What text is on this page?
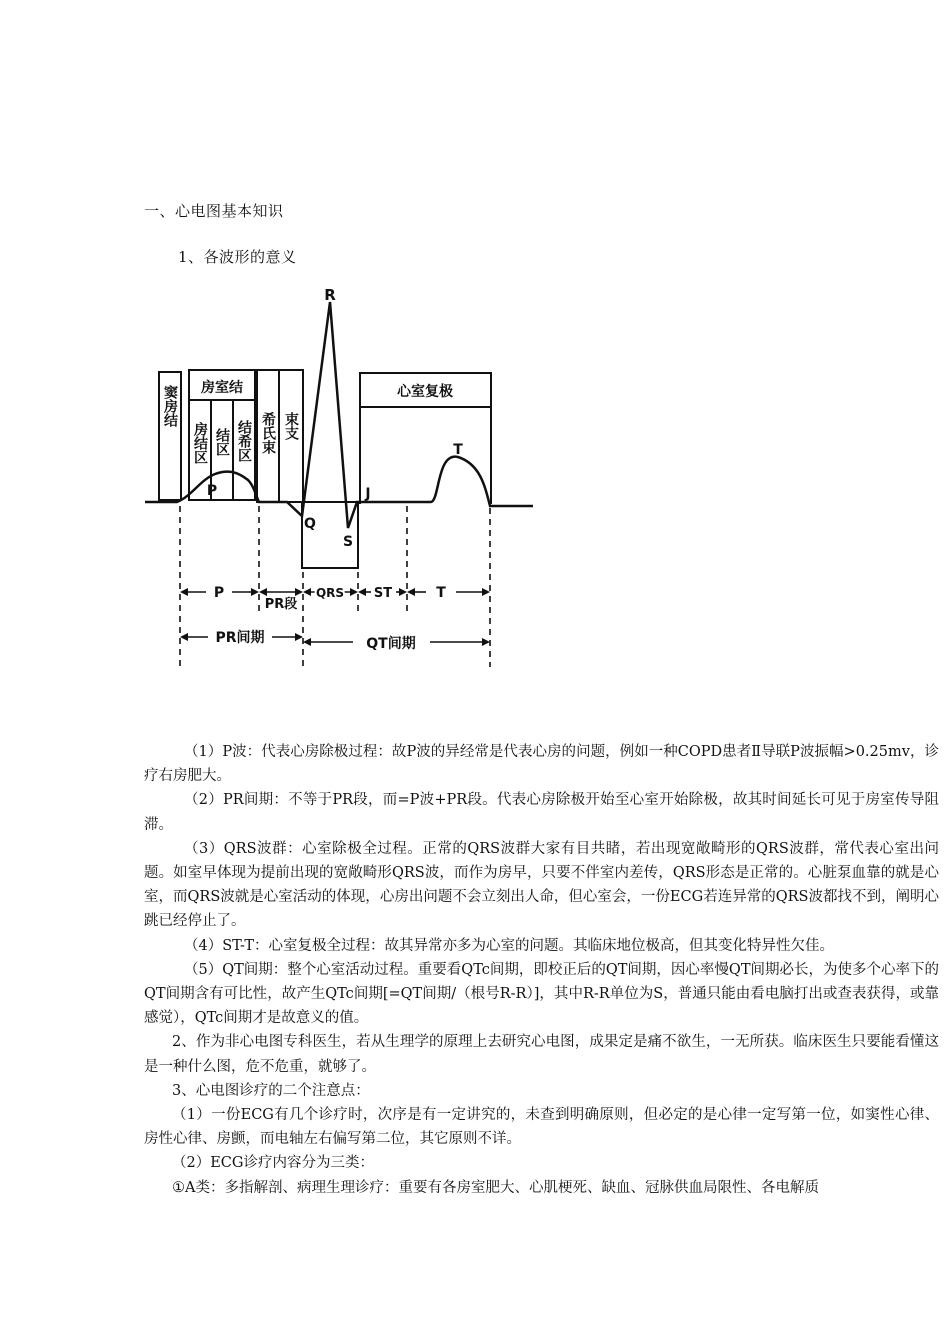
一、心电图基本知识
1、各波形的意义
R
房室结	心室复极
窦房结
房结区 结区 结希区 希氏束 束支
P
T
Q
S
J
P
PR段
QRS ST	T
PR间期	QT间期

（1）P波：代表心房除极过程：故P波的异经常是代表心房的问题，例如一种COPD患者Ⅱ导联P波振幅>0.25mv，诊疗右房肥大。

（2）PR间期：不等于PR段，而=P波+PR段。代表心房除极开始至心室开始除极，故其时间延长可见于房室传导阻滞。

（3）QRS波群：心室除极全过程。正常的QRS波群大家有目共睹，若出现宽敞畸形的QRS波群，常代表心室出问题。如室早体现为提前出现的宽敞畸形QRS波，而作为房早，只要不伴室内差传，QRS形态是正常的。心脏泵血靠的就是心室，而QRS波就是心室活动的体现，心房出问题不会立刻出人命，但心室会，一份ECG若连异常的QRS波都找不到，阐明心跳已经停止了。

（4）ST-T：心室复极全过程：故其异常亦多为心室的问题。其临床地位极高，但其变化特异性欠佳。

（5）QT间期：整个心室活动过程。重要看QTc间期，即校正后的QT间期，因心率慢QT间期必长，为使多个心率下的QT间期含有可比性，故产生QTc间期[=QT间期/（根号R-R）]，其中R-R单位为S，普通只能由看电脑打出或查表获得，或靠感觉），QTc间期才是故意义的值。

2、作为非心电图专科医生，若从生理学的原理上去研究心电图，成果定是痛不欲生，一无所获。临床医生只要能看懂这是一种什么图，危不危重，就够了。

3、心电图诊疗的二个注意点：

（1）一份ECG有几个诊疗时，次序是有一定讲究的，未查到明确原则，但必定的是心律一定写第一位，如窦性心律、房性心律、房颤，而电轴左右偏写第二位，其它原则不详。

（2）ECG诊疗内容分为三类：

①A类：多指解剖、病理生理诊疗：重要有各房室肥大、心肌梗死、缺血、冠脉供血局限性、各电解质
